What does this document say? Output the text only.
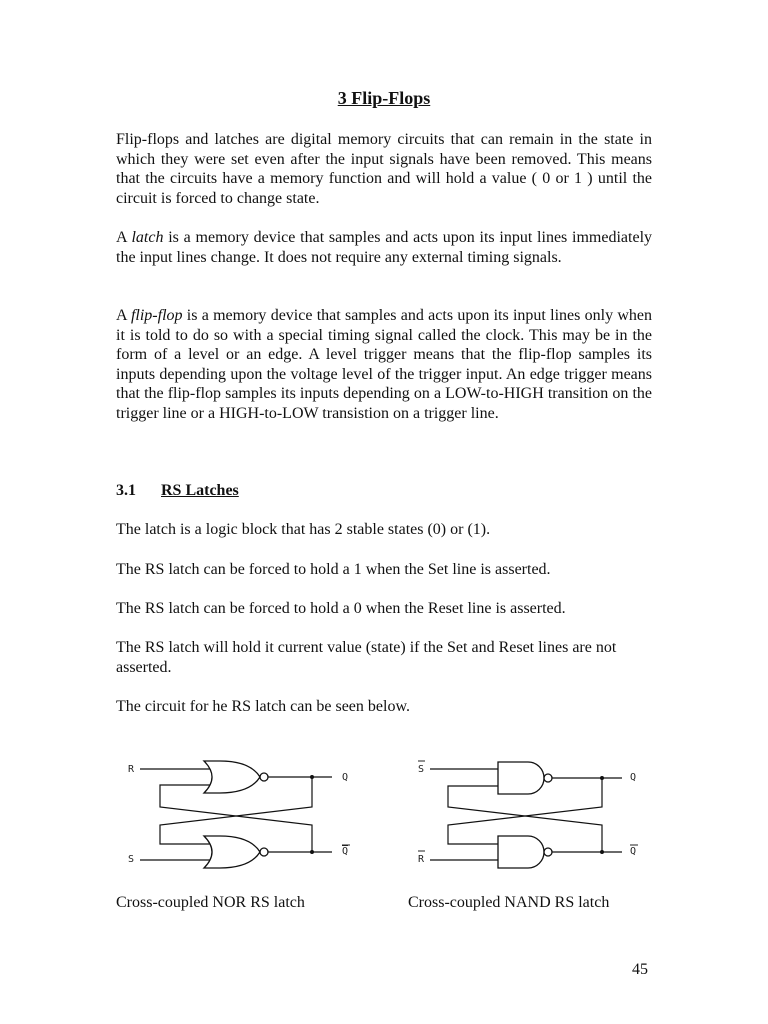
3 Flip-Flops

Flip-flops and latches are digital memory circuits that can remain in the state in which they were set even after the input signals have been removed. This means that the circuits have a memory function and will hold a value ( 0 or 1 ) until the circuit is forced to change state.

A latch is a memory device that samples and acts upon its input lines immediately the input lines change. It does not require any external timing signals.

A flip-flop is a memory device that samples and acts upon its input lines only when it is told to do so with a special timing signal called the clock. This may be in the form of a level or an edge. A level trigger means that the flip-flop samples its inputs depending upon the voltage level of the trigger input. An edge trigger means that the flip-flop samples its inputs depending on a LOW-to-HIGH transition on the trigger line or a HIGH-to-LOW transistion on a trigger line.

3.1 RS Latches

The latch is a logic block that has 2 stable states (0) or (1).

The RS latch can be forced to hold a 1 when the Set line is asserted.

The RS latch can be forced to hold a 0 when the Reset line is asserted.

The RS latch will hold it current value (state) if the Set and Reset lines are not asserted.

The circuit for he RS latch can be seen below.

R
S
Q
Q
S
R
Q
Q
Cross-coupled NOR RS latch	Cross-coupled NAND RS latch
45
